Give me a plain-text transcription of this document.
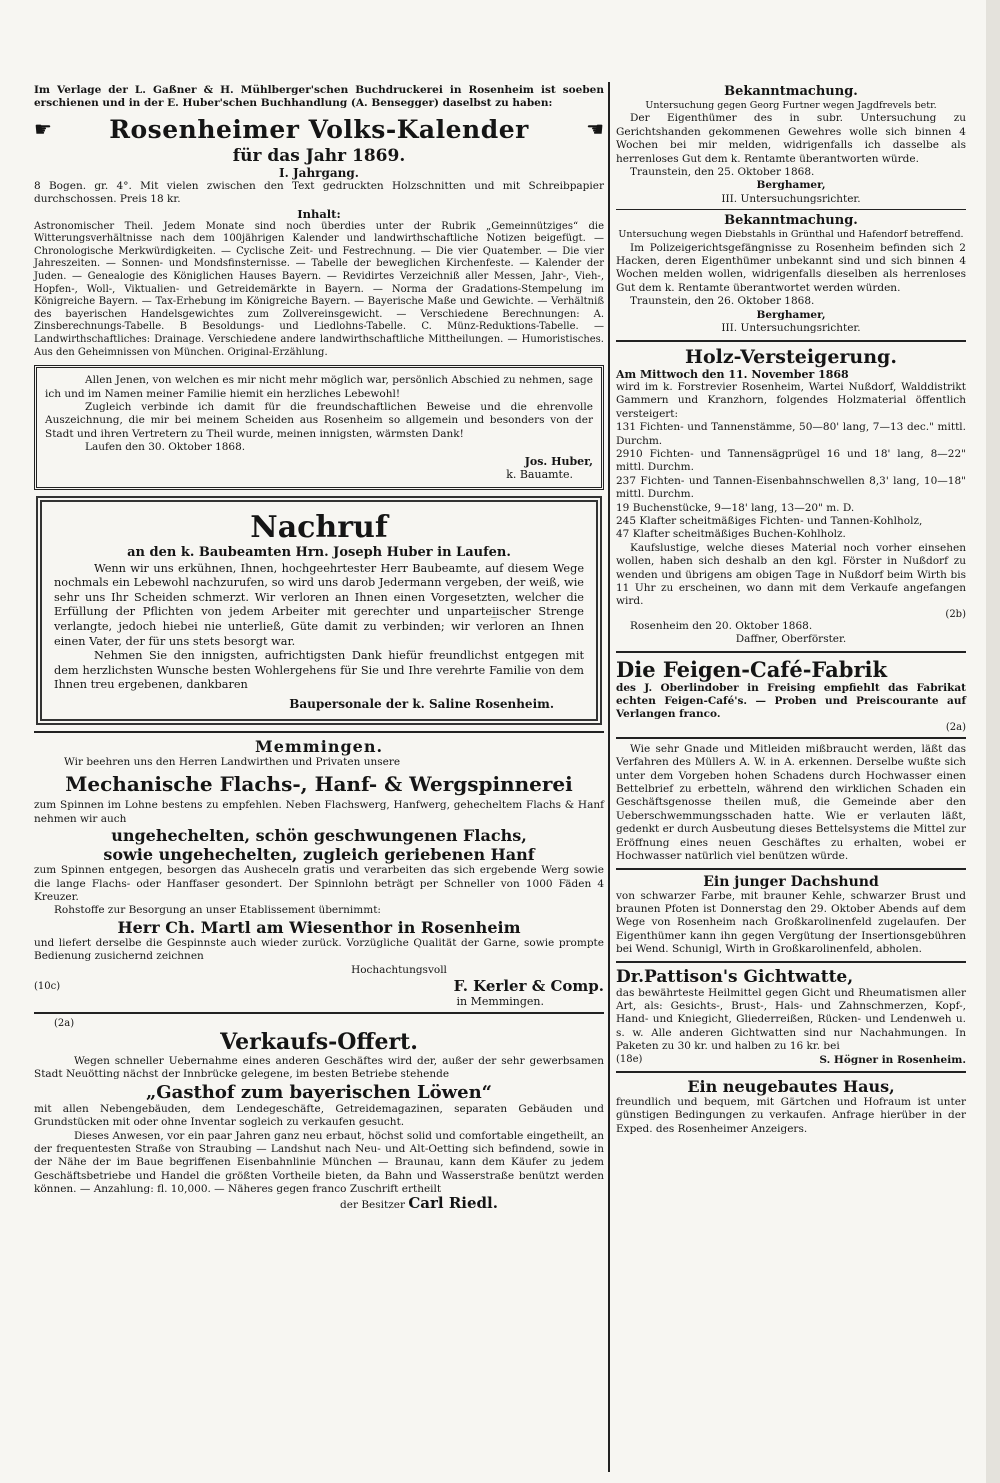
Im Verlage der L. Gaßner & H. Mühlberger'schen Buchdruckerei in Rosenheim ist soeben erschienen und in der E. Huber'schen Buchhandlung (A. Bensegger) daselbst zu haben:

☛ Rosenheimer Volks-Kalender	☚

für das Jahr 1869.

I. Jahrgang.

8 Bogen. gr. 4°. Mit vielen zwischen den Text gedruckten Holzschnitten und mit Schreibpapier durchschossen. Preis 18 kr.

Inhalt:

Astronomischer Theil. Jedem Monate sind noch überdies unter der Rubrik „Gemeinnütziges“ die Witterungsverhältnisse nach dem 100jährigen Kalender und landwirthschaftliche Notizen beigefügt. — Chronologische Merkwürdigkeiten. — Cyclische Zeit- und Festrechnung. — Die vier Quatember. — Die vier Jahreszeiten. — Sonnen- und Mondsfinsternisse. — Tabelle der beweglichen Kirchenfeste. — Kalender der Juden. — Genealogie des Königlichen Hauses Bayern. — Revidirtes Verzeichniß aller Messen, Jahr-, Vieh-, Hopfen-, Woll-, Viktualien- und Getreidemärkte in Bayern. — Norma der Gradations-Stempelung im Königreiche Bayern. — Tax-Erhebung im Königreiche Bayern. — Bayerische Maße und Gewichte. — Verhältniß des bayerischen Handelsgewichtes zum Zollvereinsgewicht. — Verschiedene Berechnungen: A. Zinsberechnungs-Tabelle. B Besoldungs- und Liedlohns-Tabelle. C. Münz-Reduktions-Tabelle. — Landwirthschaftliches: Drainage. Verschiedene andere landwirthschaftliche Mittheilungen. — Humoristisches. Aus den Geheimnissen von München. Original-Erzählung.

Allen Jenen, von welchen es mir nicht mehr möglich war, persönlich Abschied zu nehmen, sage ich und im Namen meiner Familie hiemit ein herzliches Lebewohl!

Zugleich verbinde ich damit für die freundschaftlichen Beweise und die ehrenvolle Auszeichnung, die mir bei meinem Scheiden aus Rosenheim so allgemein und besonders von der Stadt und ihren Vertretern zu Theil wurde, meinen innigsten, wärmsten Dank!

Laufen den 30. Oktober 1868.

Jos. Huber,

k. Bauamte.

Nachruf

an den k. Baubeamten Hrn. Joseph Huber in Laufen.

Wenn wir uns erkühnen, Ihnen, hochgeehrtester Herr Baubeamte, auf diesem Wege nochmals ein Lebewohl nachzurufen, so wird uns darob Jedermann vergeben, der weiß, wie sehr uns Ihr Scheiden schmerzt. Wir verloren an Ihnen einen Vorgesetzten, welcher die Erfüllung der Pflichten von jedem Arbeiter mit gerechter und unpartei̲ischer Strenge verlangte, jedoch hiebei nie unterließ, Güte damit zu verbinden; wir verloren an Ihnen einen Vater, der für uns stets besorgt war.

Nehmen Sie den innigsten, aufrichtigsten Dank hiefür freundlichst entgegen mit dem herzlichsten Wunsche besten Wohlergehens für Sie und Ihre verehrte Familie von dem Ihnen treu ergebenen, dankbaren

Baupersonale der k. Saline Rosenheim.

Memmingen.

Wir beehren uns den Herren Landwirthen und Privaten unsere

Mechanische Flachs-, Hanf- & Wergspinnerei

zum Spinnen im Lohne bestens zu empfehlen. Neben Flachswerg, Hanfwerg, gehecheltem Flachs & Hanf nehmen wir auch

ungehechelten, schön geschwungenen Flachs,

sowie ungehechelten, zugleich geriebenen Hanf

zum Spinnen entgegen, besorgen das Ausheceln gratis und verarbeiten das sich ergebende Werg sowie die lange Flachs- oder Hanffaser gesondert. Der Spinnlohn beträgt per Schneller von 1000 Fäden 4 Kreuzer.

Rohstoffe zur Besorgung an unser Etablissement übernimmt:

Herr Ch. Martl am Wiesenthor in Rosenheim

und liefert derselbe die Gespinnste auch wieder zurück. Vorzügliche Qualität der Garne, sowie prompte Bedienung zusichernd zeichnen

Hochachtungsvoll

(10c)	F. Kerler & Comp.

in Memmingen.

(2a)

Verkaufs-Offert.

Wegen schneller Uebernahme eines anderen Geschäftes wird der, außer der sehr gewerbsamen Stadt Neuötting nächst der Innbrücke gelegene, im besten Betriebe stehende

„Gasthof zum bayerischen Löwen“

mit allen Nebengebäuden, dem Lendegeschäfte, Getreidemagazinen, separaten Gebäuden und Grundstücken mit oder ohne Inventar sogleich zu verkaufen gesucht.

Dieses Anwesen, vor ein paar Jahren ganz neu erbaut, höchst solid und comfortable eingetheilt, an der frequentesten Straße von Straubing — Landshut nach Neu- und Alt-Oetting sich befindend, sowie in der Nähe der im Baue begriffenen Eisenbahnlinie München — Braunau, kann dem Käufer zu jedem Geschäftsbetriebe und Handel die größten Vortheile bieten, da Bahn und Wasserstraße benützt werden können. — Anzahlung: fl. 10,000. — Näheres gegen franco Zuschrift ertheilt

der Besitzer Carl Riedl.

Bekanntmachung.

Untersuchung gegen Georg Furtner wegen Jagdfrevels betr.

Der Eigenthümer des in subr. Untersuchung zu Gerichtshanden gekommenen Gewehres wolle sich binnen 4 Wochen bei mir melden, widrigenfalls ich dasselbe als herrenloses Gut dem k. Rentamte überantworten würde.

Traunstein, den 25. Oktober 1868.

Berghamer,

III. Untersuchungsrichter.

Bekanntmachung.

Untersuchung wegen Diebstahls in Grünthal und Hafendorf betreffend.

Im Polizeigerichtsgefängnisse zu Rosenheim befinden sich 2 Hacken, deren Eigenthümer unbekannt sind und sich binnen 4 Wochen melden wollen, widrigenfalls dieselben als herrenloses Gut dem k. Rentamte überantwortet werden würden.

Traunstein, den 26. Oktober 1868.

Berghamer,

III. Untersuchungsrichter.

Holz-Versteigerung.

Am Mittwoch den 11. November 1868

wird im k. Forstrevier Rosenheim, Wartei Nußdorf, Walddistrikt Gammern und Kranzhorn, folgendes Holzmaterial öffentlich versteigert:

131 Fichten- und Tannenstämme, 50—80' lang, 7—13 dec." mittl. Durchm.

2910 Fichten- und Tannensägprügel 16 und 18' lang, 8—22" mittl. Durchm.

237 Fichten- und Tannen-Eisenbahnschwellen 8,3' lang, 10—18" mittl. Durchm.

19 Buchenstücke, 9—18' lang, 13—20" m. D.

245 Klafter scheitmäßiges Fichten- und Tannen-Kohlholz,

47 Klafter scheitmäßiges Buchen-Kohlholz.

Kaufslustige, welche dieses Material noch vorher einsehen wollen, haben sich deshalb an den kgl. Förster in Nußdorf zu wenden und übrigens am obigen Tage in Nußdorf beim Wirth bis 11 Uhr zu erscheinen, wo dann mit dem Verkaufe angefangen wird.

(2b)

Rosenheim den 20. Oktober 1868.

Daffner, Oberförster.

Die Feigen-Café-Fabrik

des J. Oberlindober in Freising empfiehlt das Fabrikat echten Feigen-Café's. — Proben und Preiscourante auf Verlangen franco.

(2a)

Wie sehr Gnade und Mitleiden mißbraucht werden, läßt das Verfahren des Müllers A. W. in A. erkennen. Derselbe wußte sich unter dem Vorgeben hohen Schadens durch Hochwasser einen Bettelbrief zu erbetteln, während den wirklichen Schaden ein Geschäftsgenosse theilen muß, die Gemeinde aber den Ueberschwemmungsschaden hatte. Wie er verlauten läßt, gedenkt er durch Ausbeutung dieses Bettelsystems die Mittel zur Eröffnung eines neuen Geschäftes zu erhalten, wobei er Hochwasser natürlich viel benützen würde.

Ein junger Dachshund

von schwarzer Farbe, mit brauner Kehle, schwarzer Brust und braunen Pfoten ist Donnerstag den 29. Oktober Abends auf dem Wege von Rosenheim nach Großkarolinenfeld zugelaufen. Der Eigenthümer kann ihn gegen Vergütung der Insertionsgebühren bei Wend. Schunigl, Wirth in Großkarolinenfeld, abholen.

Dr.Pattison's Gichtwatte,

das bewährteste Heilmittel gegen Gicht und Rheumatismen aller Art, als: Gesichts-, Brust-, Hals- und Zahnschmerzen, Kopf-, Hand- und Kniegicht, Gliederreißen, Rücken- und Lendenweh u. s. w. Alle anderen Gichtwatten sind nur Nachahmungen. In Paketen zu 30 kr. und halben zu 16 kr. bei

(18e)	S. Högner in Rosenheim.

Ein neugebautes Haus,

freundlich und bequem, mit Gärtchen und Hofraum ist unter günstigen Bedingungen zu verkaufen. Anfrage hierüber in der Exped. des Rosenheimer Anzeigers.
